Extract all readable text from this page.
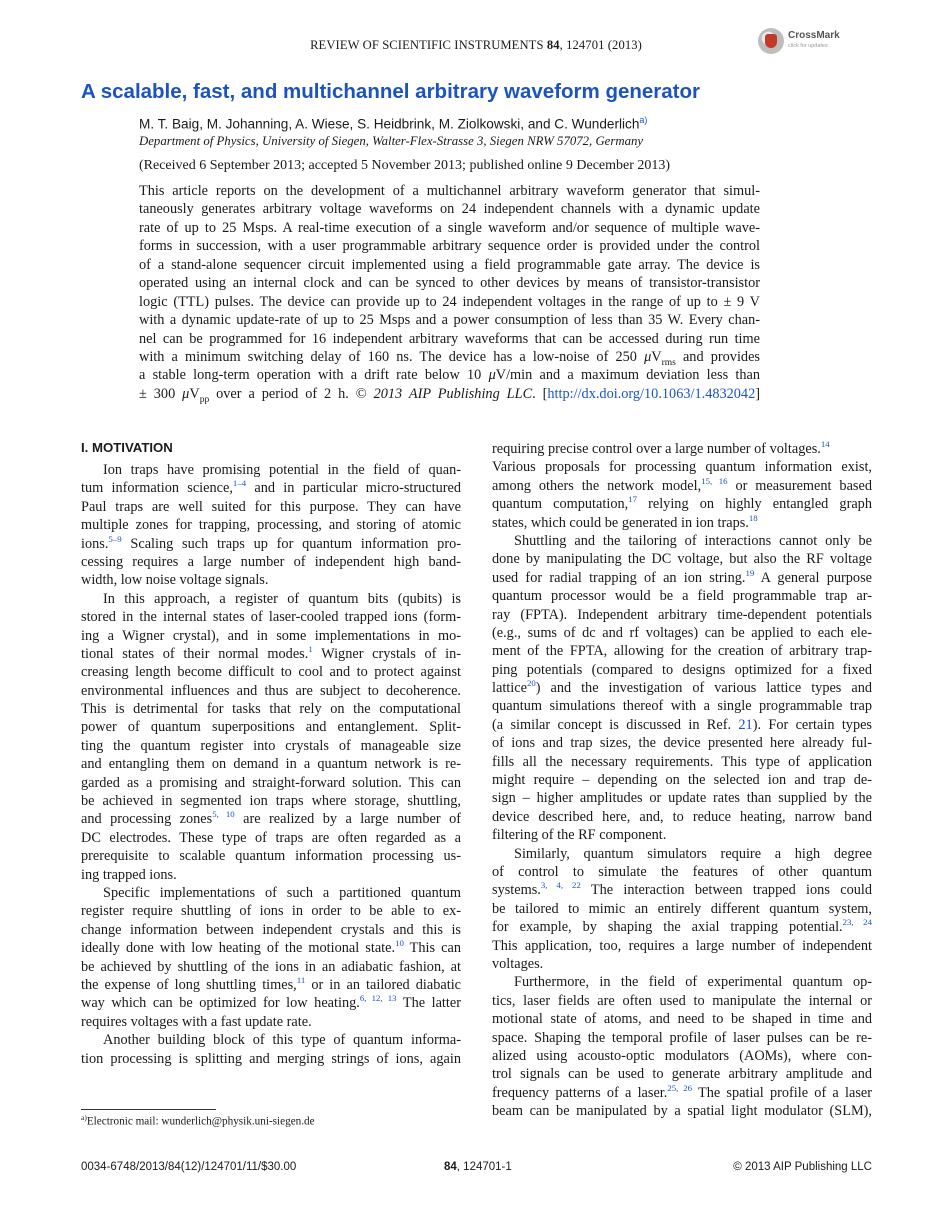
REVIEW OF SCIENTIFIC INSTRUMENTS 84, 124701 (2013)
CrossMark
click for updates
A scalable, fast, and multichannel arbitrary waveform generator
M. T. Baig, M. Johanning, A. Wiese, S. Heidbrink, M. Ziolkowski, and C. Wunderlich$^{a)}$
Department of Physics, University of Siegen, Walter-Flex-Strasse 3, Siegen NRW 57072, Germany
(Received 6 September 2013; accepted 5 November 2013; published online 9 December 2013)
This article reports on the development of a multichannel arbitrary waveform generator that simul-
taneously generates arbitrary voltage waveforms on 24 independent channels with a dynamic update
rate of up to 25 Msps. A real-time execution of a single waveform and/or sequence of multiple wave-
forms in succession, with a user programmable arbitrary sequence order is provided under the control
of a stand-alone sequencer circuit implemented using a field programmable gate array. The device is
operated using an internal clock and can be synced to other devices by means of transistor-transistor
logic (TTL) pulses. The device can provide up to 24 independent voltages in the range of up to ± 9 V
with a dynamic update-rate of up to 25 Msps and a power consumption of less than 35 W. Every chan-
nel can be programmed for 16 independent arbitrary waveforms that can be accessed during run time
with a minimum switching delay of 160 ns. The device has a low-noise of 250 $\mu V_{rms}$ and provides
a stable long-term operation with a drift rate below 10 μV/min and a maximum deviation less than
± 300 $\mu V_{pp}$ over a period of 2 h. © 2013 AIP Publishing LLC. [http://dx.doi.org/10.1063/1.4832042]
I. MOTIVATION
Ion traps have promising potential in the field of quan-
tum information science,$^{1-4}$ and in particular micro-structured
Paul traps are well suited for this purpose. They can have
multiple zones for trapping, processing, and storing of atomic
ions.$^{5-9}$ Scaling such traps up for quantum information pro-
cessing requires a large number of independent high band-
width, low noise voltage signals.
In this approach, a register of quantum bits (qubits) is
stored in the internal states of laser-cooled trapped ions (form-
ing a Wigner crystal), and in some implementations in mo-
tional states of their normal modes.$^1$ Wigner crystals of in-
creasing length become difficult to cool and to protect against
environmental influences and thus are subject to decoherence.
This is detrimental for tasks that rely on the computational
power of quantum superpositions and entanglement. Split-
ting the quantum register into crystals of manageable size
and entangling them on demand in a quantum network is re-
garded as a promising and straight-forward solution. This can
be achieved in segmented ion traps where storage, shuttling,
and processing zones$^{5, 10}$ are realized by a large number of
DC electrodes. These type of traps are often regarded as a
prerequisite to scalable quantum information processing us-
ing trapped ions.
Specific implementations of such a partitioned quantum
register require shuttling of ions in order to be able to ex-
change information between independent crystals and this is
ideally done with low heating of the motional state.$^{10}$ This can
be achieved by shuttling of the ions in an adiabatic fashion, at
the expense of long shuttling times,$^{11}$ or in an tailored diabatic
way which can be optimized for low heating.$^{6, 12, 13}$ The latter
requires voltages with a fast update rate.
Another building block of this type of quantum informa-
tion processing is splitting and merging strings of ions, again
requiring precise control over a large number of voltages.$^{14}$
Various proposals for processing quantum information exist,
among others the network model,$^{15, 16}$ or measurement based
quantum computation,$^{17}$ relying on highly entangled graph
states, which could be generated in ion traps.$^{18}$
Shuttling and the tailoring of interactions cannot only be
done by manipulating the DC voltage, but also the RF voltage
used for radial trapping of an ion string.$^{19}$ A general purpose
quantum processor would be a field programmable trap ar-
ray (FPTA). Independent arbitrary time-dependent potentials
(e.g., sums of dc and rf voltages) can be applied to each ele-
ment of the FPTA, allowing for the creation of arbitrary trap-
ping potentials (compared to designs optimized for a fixed
lattice$^{20}$) and the investigation of various lattice types and
quantum simulations thereof with a single programmable trap
(a similar concept is discussed in Ref. 21). For certain types
of ions and trap sizes, the device presented here already ful-
fills all the necessary requirements. This type of application
might require – depending on the selected ion and trap de-
sign – higher amplitudes or update rates than supplied by the
device described here, and, to reduce heating, narrow band
filtering of the RF component.
Similarly, quantum simulators require a high degree
of control to simulate the features of other quantum
systems.$^{3, 4, 22}$ The interaction between trapped ions could
be tailored to mimic an entirely different quantum system,
for example, by shaping the axial trapping potential.$^{23, 24}$
This application, too, requires a large number of independent
voltages.
Furthermore, in the field of experimental quantum op-
tics, laser fields are often used to manipulate the internal or
motional state of atoms, and need to be shaped in time and
space. Shaping the temporal profile of laser pulses can be re-
alized using acousto-optic modulators (AOMs), where con-
trol signals can be used to generate arbitrary amplitude and
frequency patterns of a laser.$^{25, 26}$ The spatial profile of a laser
beam can be manipulated by a spatial light modulator (SLM),
$^{a)}$Electronic mail: wunderlich@physik.uni-siegen.de
0034-6748/2013/84(12)/124701/11/$30.00	84, 124701-1	© 2013 AIP Publishing LLC
